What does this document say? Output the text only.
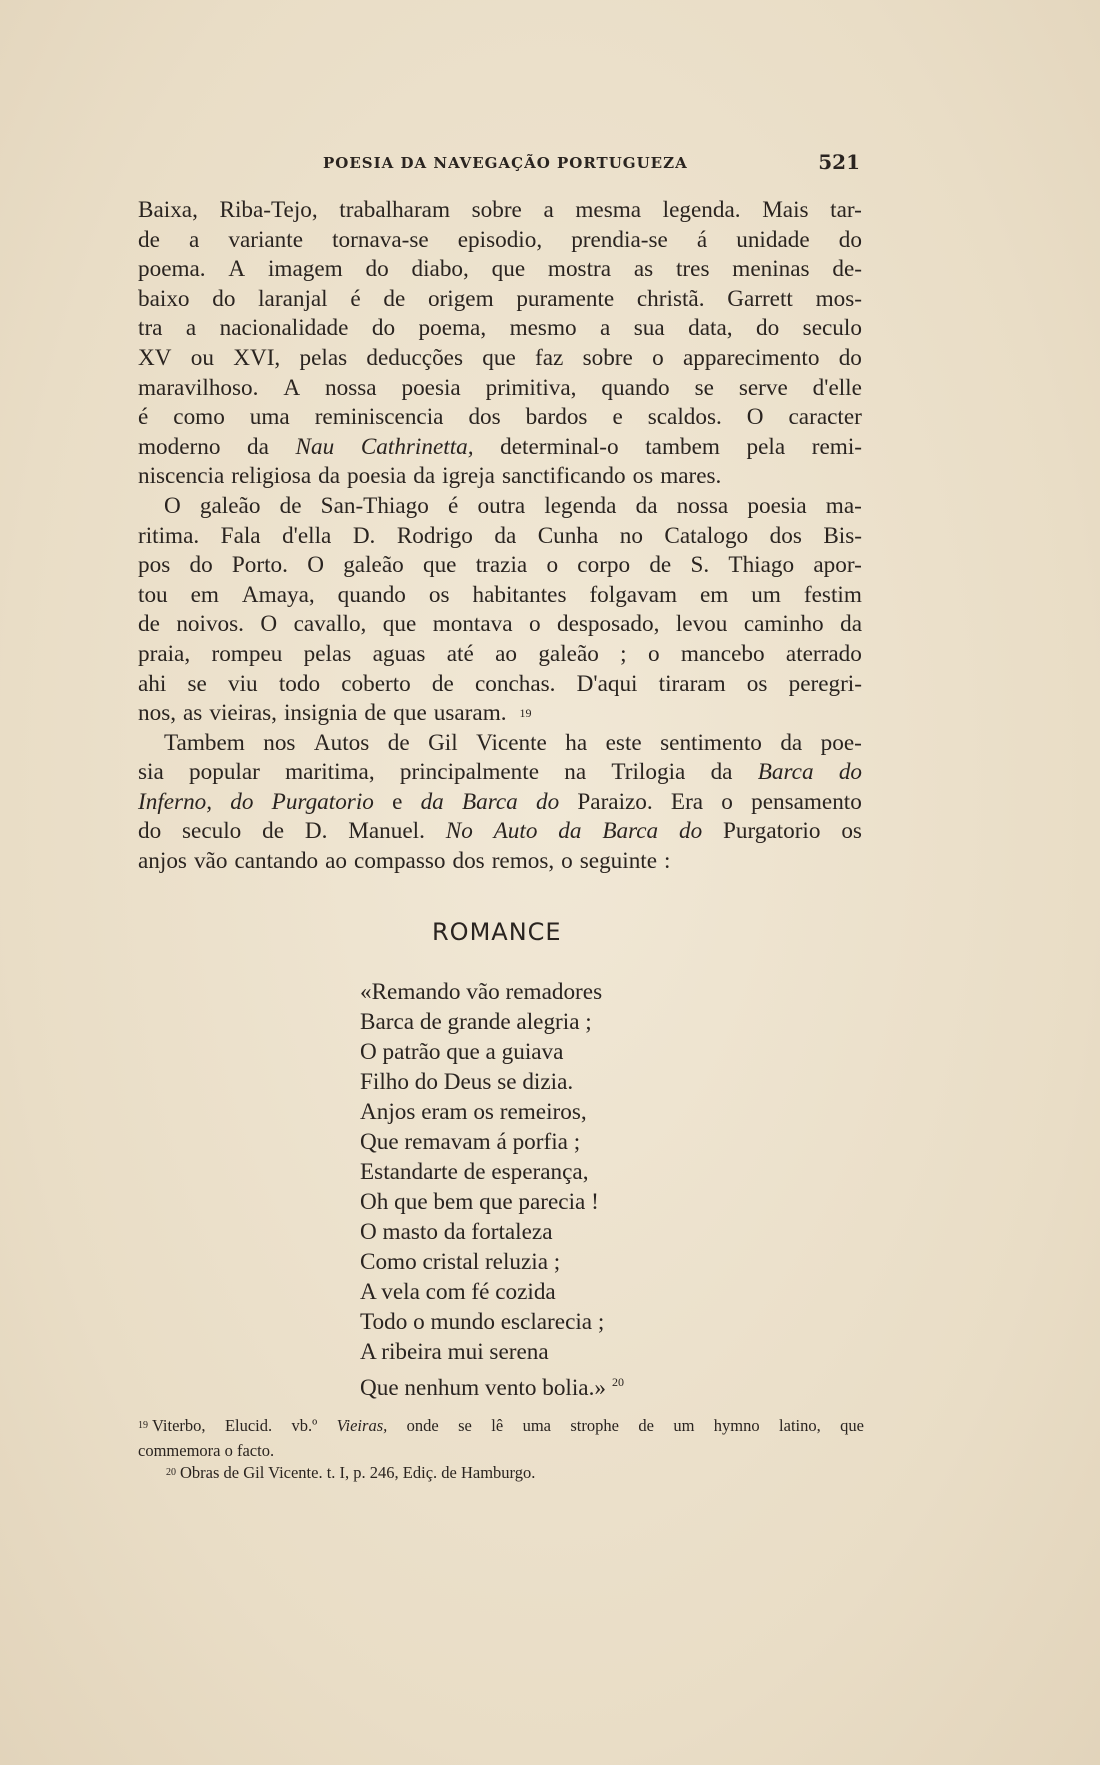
POESIA DA NAVEGAÇÃO PORTUGUEZA	521
Baixa, Riba-Tejo, trabalharam sobre a mesma legenda. Mais tar-
de a variante tornava-se episodio, prendia-se á unidade do
poema. A imagem do diabo, que mostra as tres meninas de-
baixo do laranjal é de origem puramente christã. Garrett mos-
tra a nacionalidade do poema, mesmo a sua data, do seculo
XV ou XVI, pelas deducções que faz sobre o apparecimento do
maravilhoso. A nossa poesia primitiva, quando se serve d'elle
é como uma reminiscencia dos bardos e scaldos. O caracter
moderno da Nau Cathrinetta, determinal-o tambem pela remi-
niscencia religiosa da poesia da igreja sanctificando os mares.
O galeão de San-Thiago é outra legenda da nossa poesia ma-
ritima. Fala d'ella D. Rodrigo da Cunha no Catalogo dos Bis-
pos do Porto. O galeão que trazia o corpo de S. Thiago apor-
tou em Amaya, quando os habitantes folgavam em um festim
de noivos. O cavallo, que montava o desposado, levou caminho da
praia, rompeu pelas aguas até ao galeão ; o mancebo aterrado
ahi se viu todo coberto de conchas. D'aqui tiraram os peregri-
nos, as vieiras, insignia de que usaram. 19
Tambem nos Autos de Gil Vicente ha este sentimento da poe-
sia popular maritima, principalmente na Trilogia da Barca do
Inferno, do Purgatorio e da Barca do Paraizo. Era o pensamento
do seculo de D. Manuel. No Auto da Barca do Purgatorio os
anjos vão cantando ao compasso dos remos, o seguinte :
ROMANCE
«Remando vão remadores
Barca de grande alegria ;
O patrão que a guiava
Filho do Deus se dizia.
Anjos eram os remeiros,
Que remavam á porfia ;
Estandarte de esperança,
Oh que bem que parecia !
O masto da fortaleza
Como cristal reluzia ;
A vela com fé cozida
Todo o mundo esclarecia ;
A ribeira mui serena
Que nenhum vento bolia.» $^{20}$
$^{19}$ Viterbo, Elucid. vb.º Vieiras, onde se lê uma strophe de um hymno latino, que
commemora o facto.
20 Obras de Gil Vicente. t. I, p. 246, Ediç. de Hamburgo.
